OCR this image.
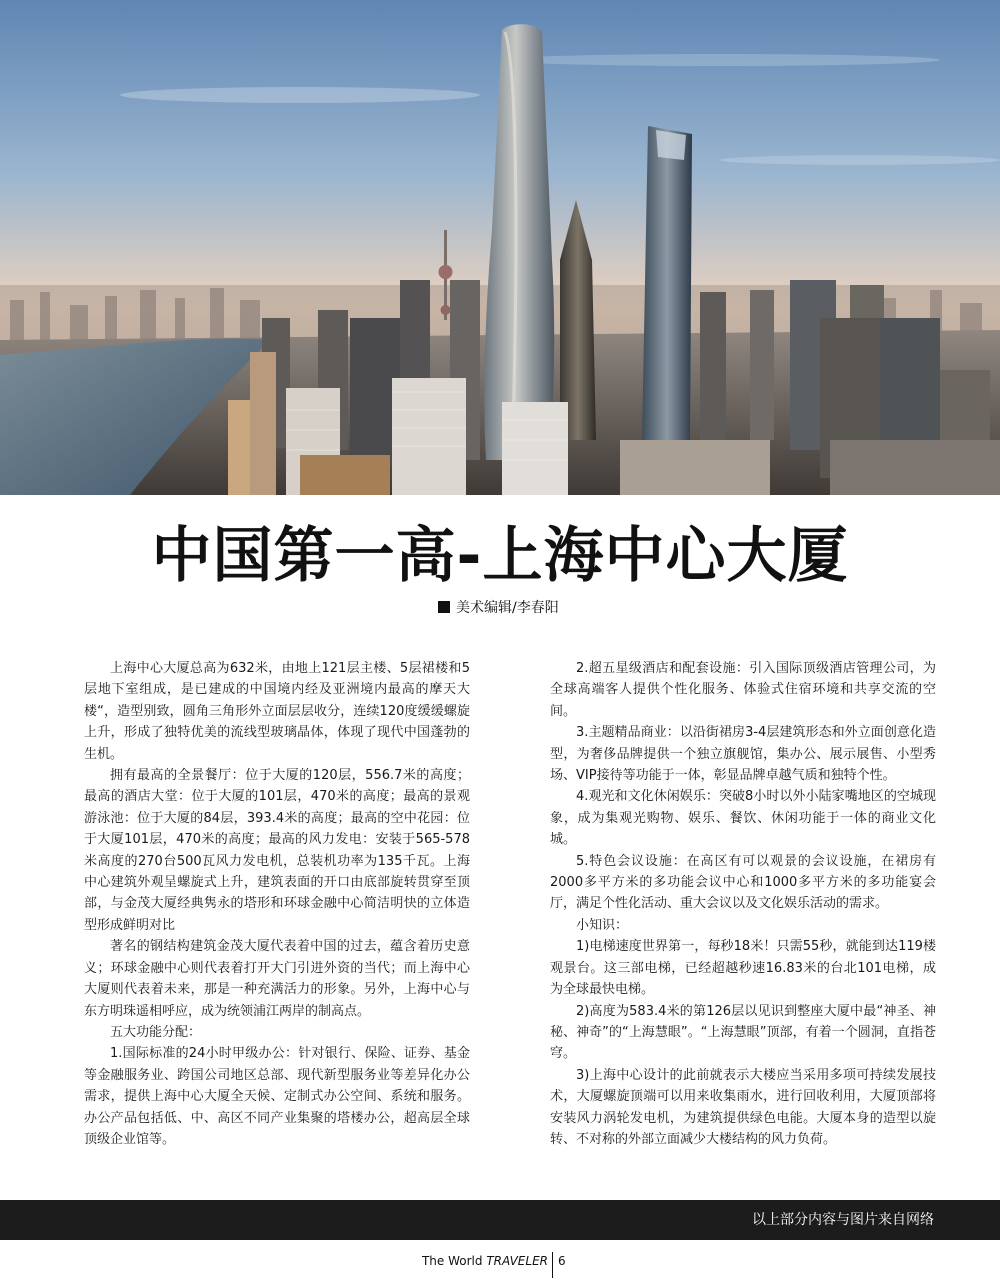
中国第一高-上海中心大厦
美术编辑/李春阳

上海中心大厦总高为632米，由地上121层主楼、5层裙楼和5层地下室组成，是已建成的中国境内经及亚洲境内最高的摩天大楼“，造型别致，圆角三角形外立面层层收分，连续120度缓缓螺旋上升，形成了独特优美的流线型玻璃晶体，体现了现代中国蓬勃的生机。

拥有最高的全景餐厅：位于大厦的120层，556.7米的高度；最高的酒店大堂：位于大厦的101层，470米的高度；最高的景观游泳池：位于大厦的84层，393.4米的高度；最高的空中花园：位于大厦101层，470米的高度；最高的风力发电：安装于565-578米高度的270台500瓦风力发电机，总装机功率为135千瓦。上海中心建筑外观呈螺旋式上升，建筑表面的开口由底部旋转贯穿至顶部，与金茂大厦经典隽永的塔形和环球金融中心简洁明快的立体造型形成鲜明对比

著名的钢结构建筑金茂大厦代表着中国的过去，蕴含着历史意义；环球金融中心则代表着打开大门引进外资的当代；而上海中心大厦则代表着未来，那是一种充满活力的形象。另外，上海中心与东方明珠遥相呼应，成为统领浦江两岸的制高点。

五大功能分配：

1.国际标准的24小时甲级办公：针对银行、保险、证券、基金等金融服务业、跨国公司地区总部、现代新型服务业等差异化办公需求，提供上海中心大厦全天候、定制式办公空间、系统和服务。办公产品包括低、中、高区不同产业集聚的塔楼办公，超高层全球顶级企业馆等。

2.超五星级酒店和配套设施：引入国际顶级酒店管理公司，为全球高端客人提供个性化服务、体验式住宿环境和共享交流的空间。

3.主题精品商业：以沿街裙房3-4层建筑形态和外立面创意化造型，为奢侈品牌提供一个独立旗舰馆，集办公、展示展售、小型秀场、VIP接待等功能于一体，彰显品牌卓越气质和独特个性。

4.观光和文化休闲娱乐：突破8小时以外小陆家嘴地区的空城现象，成为集观光购物、娱乐、餐饮、休闲功能于一体的商业文化城。

5.特色会议设施：在高区有可以观景的会议设施，在裙房有2000多平方米的多功能会议中心和1000多平方米的多功能宴会厅，满足个性化活动、重大会议以及文化娱乐活动的需求。

小知识：

1)电梯速度世界第一，每秒18米！只需55秒，就能到达119楼观景台。这三部电梯，已经超越秒速16.83米的台北101电梯，成为全球最快电梯。

2)高度为583.4米的第126层以见识到整座大厦中最“神圣、神秘、神奇”的“上海慧眼”。“上海慧眼”顶部，有着一个圆洞，直指苍穹。

3)上海中心设计的此前就表示大楼应当采用多项可持续发展技术，大厦螺旋顶端可以用来收集雨水，进行回收利用，大厦顶部将安装风力涡轮发电机，为建筑提供绿色电能。大厦本身的造型以旋转、不对称的外部立面减少大楼结构的风力负荷。

以上部分内容与图片来自网络
The World TRAVELER 6
